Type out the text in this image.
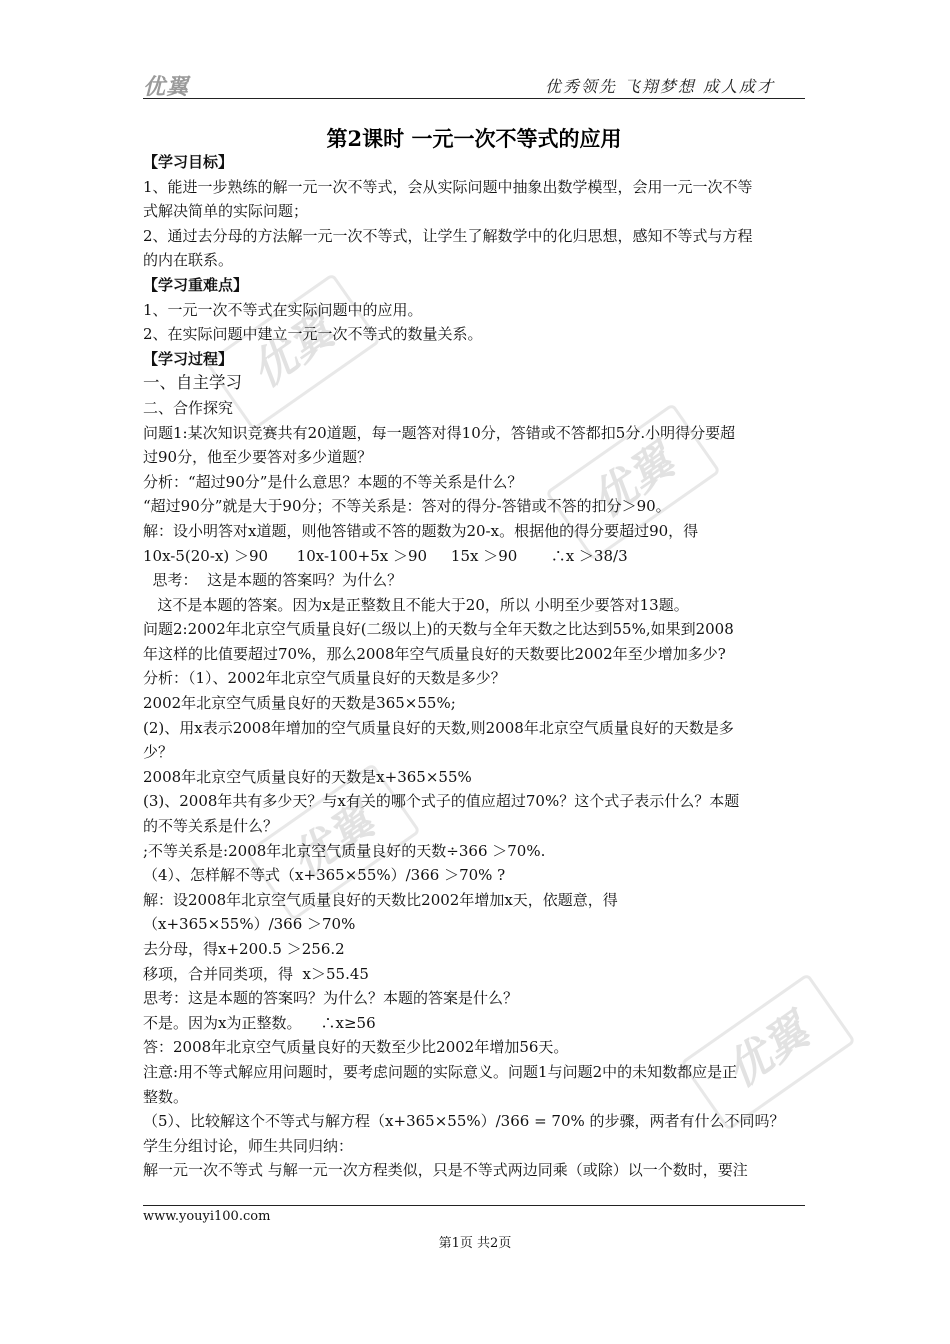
优翼	优秀领先 飞翔梦想 成人成才
优翼
优翼
优翼
优翼
第2课时 一元一次不等式的应用

【学习目标】

1、能进一步熟练的解一元一次不等式，会从实际问题中抽象出数学模型，会用一元一次不等

式解决简单的实际问题；

2、通过去分母的方法解一元一次不等式，让学生了解数学中的化归思想，感知不等式与方程

的内在联系。

【学习重难点】

1、一元一次不等式在实际问题中的应用。

2、在实际问题中建立一元一次不等式的数量关系。

【学习过程】

一、自主学习

二、合作探究

问题1:某次知识竞赛共有20道题，每一题答对得10分，答错或不答都扣5分.小明得分要超

过90分，他至少要答对多少道题？

分析：“超过90分”是什么意思？本题的不等关系是什么？

“超过90分”就是大于90分；不等关系是：答对的得分-答错或不答的扣分＞90。

解：设小明答对x道题，则他答错或不答的题数为20-x。根据他的得分要超过90，得

10x-5(20-x) ＞90      10x-100+5x ＞90     15x ＞90       ∴x ＞38/3

思考：  这是本题的答案吗？为什么？

这不是本题的答案。因为x是正整数且不能大于20，所以 小明至少要答对13题。

问题2:2002年北京空气质量良好(二级以上)的天数与全年天数之比达到55%,如果到2008

年这样的比值要超过70%，那么2008年空气质量良好的天数要比2002年至少增加多少?

分析：（1）、2002年北京空气质量良好的天数是多少？

2002年北京空气质量良好的天数是365×55%;

(2)、用x表示2008年增加的空气质量良好的天数,则2008年北京空气质量良好的天数是多

少？

2008年北京空气质量良好的天数是x+365×55%

(3)、2008年共有多少天？与x有关的哪个式子的值应超过70%？这个式子表示什么？本题

的不等关系是什么？

;不等关系是:2008年北京空气质量良好的天数÷366 ＞70%.

（4）、怎样解不等式（x+365×55%）/366 ＞70% ?

解：设2008年北京空气质量良好的天数比2002年增加x天，依题意，得

（x+365×55%）/366 ＞70%

去分母，得x+200.5 ＞256.2

移项，合并同类项，得  x＞55.45

思考：这是本题的答案吗？为什么？本题的答案是什么？

不是。因为x为正整数。    ∴x≥56

答：2008年北京空气质量良好的天数至少比2002年增加56天。

注意:用不等式解应用问题时，要考虑问题的实际意义。问题1与问题2中的未知数都应是正

整数。

（5）、比较解这个不等式与解方程（x+365×55%）/366 = 70% 的步骤，两者有什么不同吗？

学生分组讨论，师生共同归纳：

解一元一次不等式 与解一元一次方程类似，只是不等式两边同乘（或除）以一个数时，要注

www.youyi100.com
第1页 共2页
